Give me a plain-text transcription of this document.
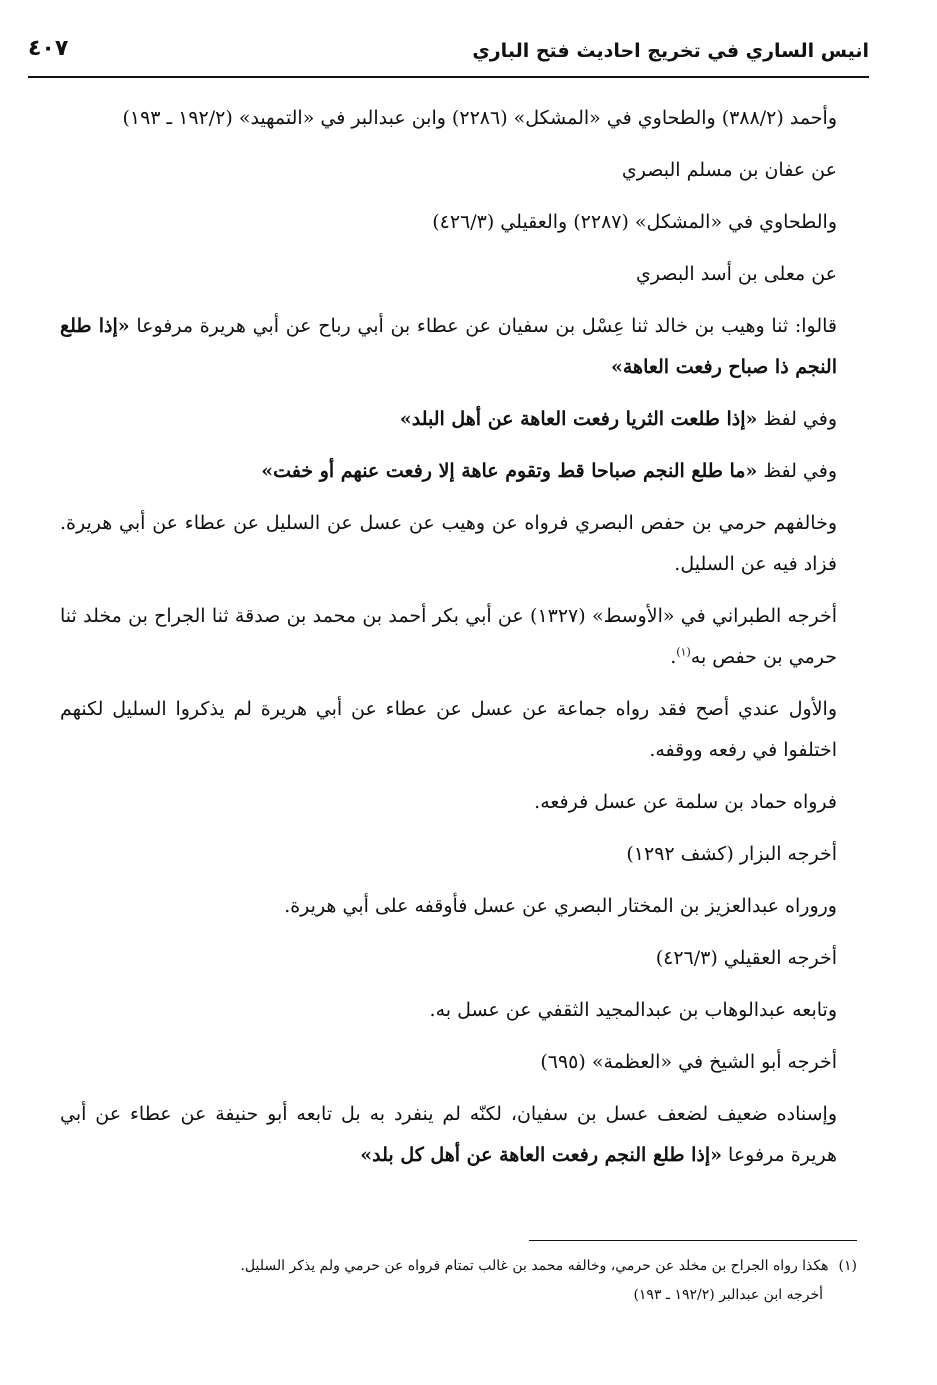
انيس الساري في تخريج احاديث فتح الباري
٤٠٧

وأحمد (٣٨٨/٢) والطحاوي في «المشكل» (٢٢٨٦) وابن عبدالبر في «التمهيد» (١٩٢/٢ ـ ١٩٣)

عن عفان بن مسلم البصري

والطحاوي في «المشكل» (٢٢٨٧) والعقيلي (٤٢٦/٣)

عن معلى بن أسد البصري

قالوا: ثنا وهيب بن خالد ثنا عِسْل بن سفيان عن عطاء بن أبي رباح عن أبي هريرة مرفوعا «إذا طلع النجم ذا صباح رفعت العاهة»

وفي لفظ «إذا طلعت الثريا رفعت العاهة عن أهل البلد»

وفي لفظ «ما طلع النجم صباحا قط وتقوم عاهة إلا رفعت عنهم أو خفت»

وخالفهم حرمي بن حفص البصري فرواه عن وهيب عن عسل عن السليل عن عطاء عن أبي هريرة. فزاد فيه عن السليل.

أخرجه الطبراني في «الأوسط» (١٣٢٧) عن أبي بكر أحمد بن محمد بن صدقة ثنا الجراح بن مخلد ثنا حرمي بن حفص به$^{(١)}$.

والأول عندي أصح فقد رواه جماعة عن عسل عن عطاء عن أبي هريرة لم يذكروا السليل لكنهم اختلفوا في رفعه ووقفه.

فرواه حماد بن سلمة عن عسل فرفعه.

أخرجه البزار (كشف ١٢٩٢)

وروراه عبدالعزيز بن المختار البصري عن عسل فأوقفه على أبي هريرة.

أخرجه العقيلي (٤٢٦/٣)

وتابعه عبدالوهاب بن عبدالمجيد الثقفي عن عسل به.

أخرجه أبو الشيخ في «العظمة» (٦٩٥)

وإسناده ضعيف لضعف عسل بن سفيان، لكنّه لم ينفرد به بل تابعه أبو حنيفة عن عطاء عن أبي هريرة مرفوعا «إذا طلع النجم رفعت العاهة عن أهل كل بلد»

(١)هكذا رواه الجراح بن مخلد عن حرمي، وخالفه محمد بن غالب تمتام فرواه عن حرمي ولم يذكر السليل.

أخرجه ابن عبدالبر (١٩٢/٢ ـ ١٩٣)
